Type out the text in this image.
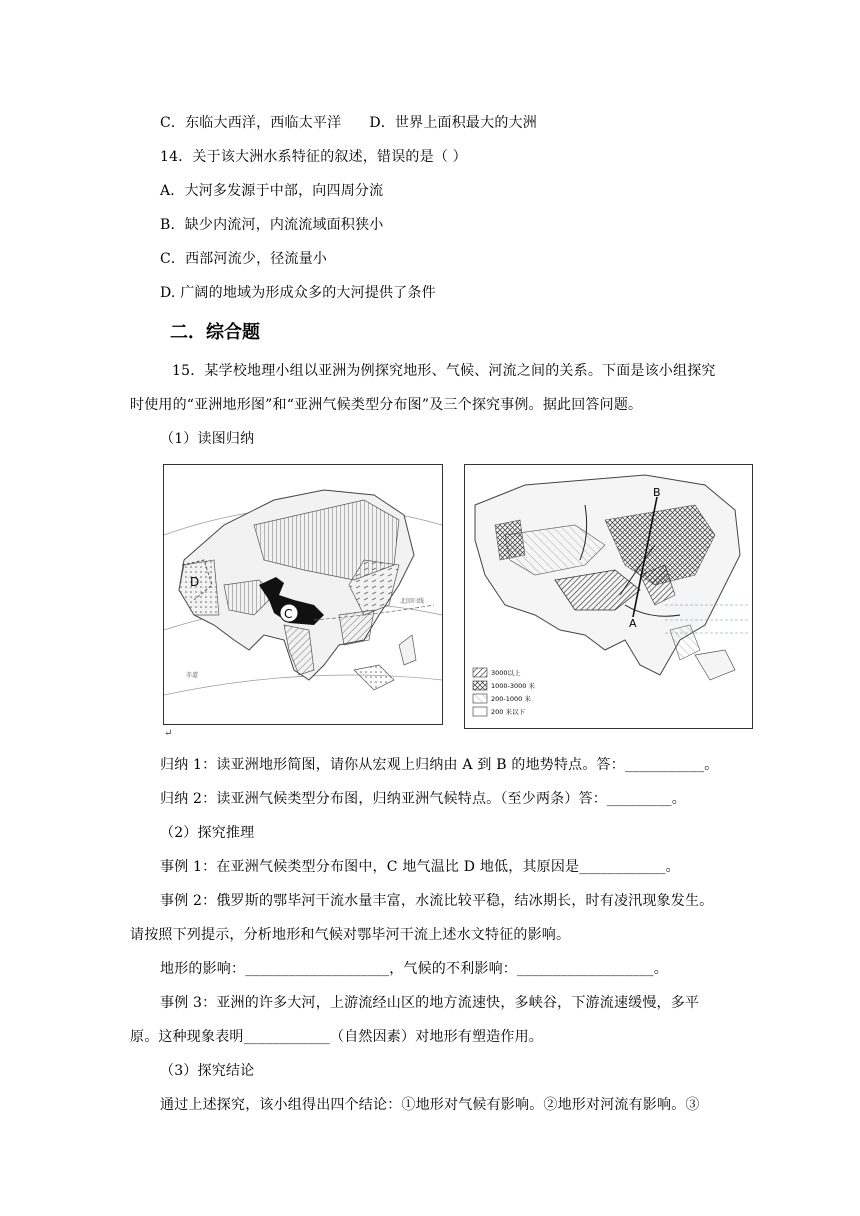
C．东临大西洋，西临太平洋 D．世界上面积最大的大洲
14．关于该大洲水系特征的叙述，错误的是（ ）
A．大河多发源于中部，向四周分流
B．缺少内流河，内流流域面积狭小
C．西部河流少，径流量小
D. 广阔的地域为形成众多的大河提供了条件
二．综合题
15．某学校地理小组以亚洲为例探究地形、气候、河流之间的关系。下面是该小组探究
时使用的“亚洲地形图”和“亚洲气候类型分布图”及三个探究事例。据此回答问题。
（1）读图归纳
北回归线
赤道
D
C
B
A
3000以上
1000-3000 米
200-1000 米
200 米以下
↵
归纳 1：读亚洲地形简图，请你从宏观上归纳由 A 到 B 的地势特点。答：___________。
归纳 2：读亚洲气候类型分布图，归纳亚洲气候特点。（至少两条）答：_________。
（2）探究推理
事例 1：在亚洲气候类型分布图中，C 地气温比 D 地低，其原因是____________。
事例 2：俄罗斯的鄂毕河干流水量丰富，水流比较平稳，结冰期长，时有凌汛现象发生。
请按照下列提示，分析地形和气候对鄂毕河干流上述水文特征的影响。
地形的影响：____________________，气候的不利影响：___________________。
事例 3：亚洲的许多大河，上游流经山区的地方流速快，多峡谷，下游流速缓慢，多平
原。这种现象表明____________（自然因素）对地形有塑造作用。
（3）探究结论
通过上述探究，该小组得出四个结论：①地形对气候有影响。②地形对河流有影响。③
